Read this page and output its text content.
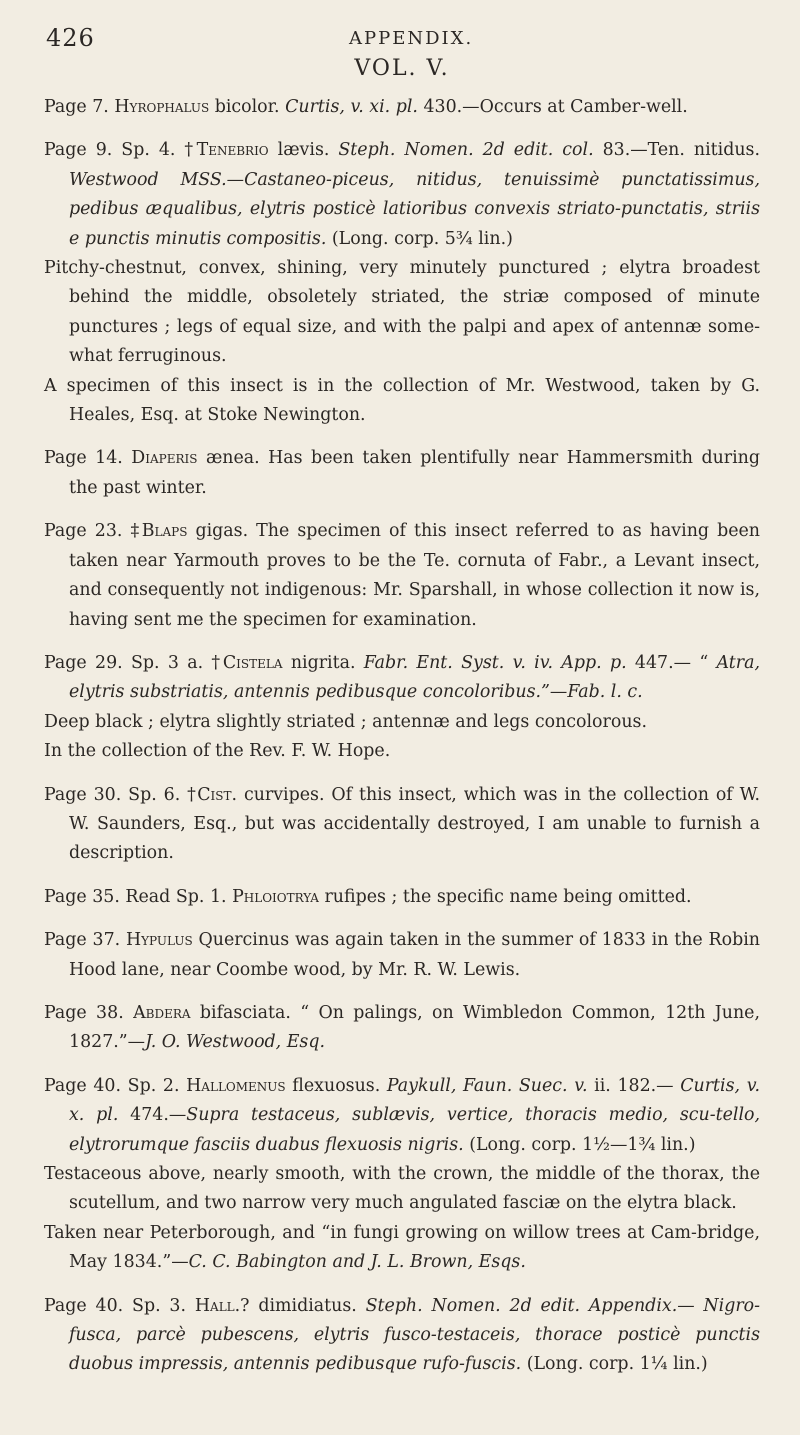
426	APPENDIX.
VOL. V.

Page 7. Hyrophalus bicolor. Curtis, v. xi. pl. 430.—Occurs at Camber-well.

Page 9. Sp. 4. †Tenebrio lævis. Steph. Nomen. 2d edit. col. 83.—Ten. nitidus. Westwood MSS.—Castaneo-piceus, nitidus, tenuissimè punctatissimus, pedibus æqualibus, elytris posticè latioribus convexis striato-punctatis, striis e punctis minutis compositis. (Long. corp. 5¾ lin.)

Pitchy-chestnut, convex, shining, very minutely punctured ; elytra broadest behind the middle, obsoletely striated, the striæ composed of minute punctures ; legs of equal size, and with the palpi and apex of antennæ some-what ferruginous.

A specimen of this insect is in the collection of Mr. Westwood, taken by G. Heales, Esq. at Stoke Newington.

Page 14. Diaperis ænea. Has been taken plentifully near Hammersmith during the past winter.

Page 23. ‡Blaps gigas. The specimen of this insect referred to as having been taken near Yarmouth proves to be the Te. cornuta of Fabr., a Levant insect, and consequently not indigenous: Mr. Sparshall, in whose collection it now is, having sent me the specimen for examination.

Page 29. Sp. 3 a. †Cistela nigrita. Fabr. Ent. Syst. v. iv. App. p. 447.— “ Atra, elytris substriatis, antennis pedibusque concoloribus.”—Fab. l. c.

Deep black ; elytra slightly striated ; antennæ and legs concolorous.

In the collection of the Rev. F. W. Hope.

Page 30. Sp. 6. †Cist. curvipes. Of this insect, which was in the collection of W. W. Saunders, Esq., but was accidentally destroyed, I am unable to furnish a description.

Page 35. Read Sp. 1. Phloiotrya rufipes ; the specific name being omitted.

Page 37. Hypulus Quercinus was again taken in the summer of 1833 in the Robin Hood lane, near Coombe wood, by Mr. R. W. Lewis.

Page 38. Abdera bifasciata. “ On palings, on Wimbledon Common, 12th June, 1827.”—J. O. Westwood, Esq.

Page 40. Sp. 2. Hallomenus flexuosus. Paykull, Faun. Suec. v. ii. 182.— Curtis, v. x. pl. 474.—Supra testaceus, sublævis, vertice, thoracis medio, scu-tello, elytrorumque fasciis duabus flexuosis nigris. (Long. corp. 1½—1¾ lin.)

Testaceous above, nearly smooth, with the crown, the middle of the thorax, the scutellum, and two narrow very much angulated fasciæ on the elytra black.

Taken near Peterborough, and “in fungi growing on willow trees at Cam-bridge, May 1834.”—C. C. Babington and J. L. Brown, Esqs.

Page 40. Sp. 3. Hall.? dimidiatus. Steph. Nomen. 2d edit. Appendix.— Nigro-fusca, parcè pubescens, elytris fusco-testaceis, thorace posticè punctis duobus impressis, antennis pedibusque rufo-fuscis. (Long. corp. 1¼ lin.)
